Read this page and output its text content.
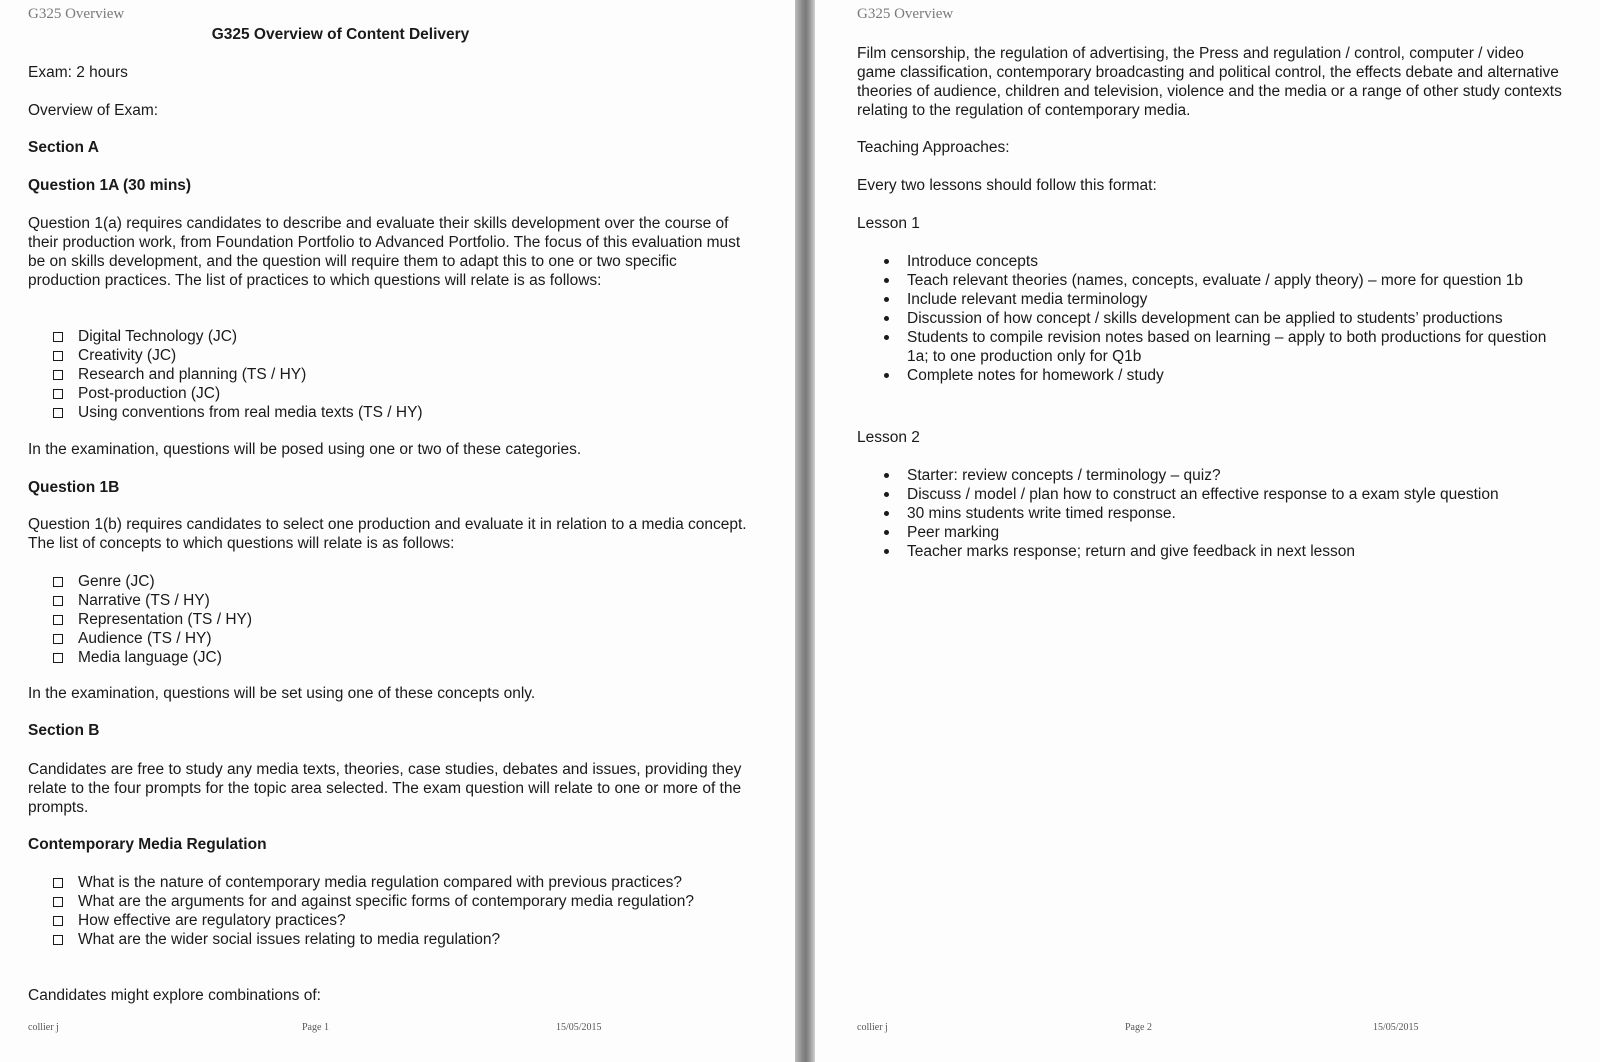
G325 Overview
G325 Overview of Content Delivery

Exam: 2 hours

Overview of Exam:

Section A

Question 1A (30 mins)

Question 1(a) requires candidates to describe and evaluate their skills development over the course of their production work, from Foundation Portfolio to Advanced Portfolio. The focus of this evaluation must be on skills development, and the question will require them to adapt this to one or two specific production practices. The list of practices to which questions will relate is as follows:

Digital Technology (JC)
Creativity (JC)
Research and planning (TS / HY)
Post-production (JC)
Using conventions from real media texts (TS / HY)

In the examination, questions will be posed using one or two of these categories.

Question 1B

Question 1(b) requires candidates to select one production and evaluate it in relation to a media concept. The list of concepts to which questions will relate is as follows:

Genre (JC)
Narrative (TS / HY)
Representation (TS / HY)
Audience (TS / HY)
Media language (JC)

In the examination, questions will be set using one of these concepts only.

Section B

Candidates are free to study any media texts, theories, case studies, debates and issues, providing they relate to the four prompts for the topic area selected. The exam question will relate to one or more of the prompts.

Contemporary Media Regulation

What is the nature of contemporary media regulation compared with previous practices?
What are the arguments for and against specific forms of contemporary media regulation?
How effective are regulatory practices?
What are the wider social issues relating to media regulation?

Candidates might explore combinations of:

collier j	Page 1	15/05/2015
G325 Overview

Film censorship, the regulation of advertising, the Press and regulation / control, computer / video game classification, contemporary broadcasting and political control, the effects debate and alternative theories of audience, children and television, violence and the media or a range of other study contexts relating to the regulation of contemporary media.

Teaching Approaches:

Every two lessons should follow this format:

Lesson 1

Introduce concepts
Teach relevant theories (names, concepts, evaluate / apply theory) – more for question 1b
Include relevant media terminology
Discussion of how concept / skills development can be applied to students’ productions
Students to compile revision notes based on learning – apply to both productions for question 1a; to one production only for Q1b
Complete notes for homework / study

Lesson 2

Starter: review concepts / terminology – quiz?
Discuss / model / plan how to construct an effective response to a exam style question
30 mins students write timed response.
Peer marking
Teacher marks response; return and give feedback in next lesson
collier j	Page 2	15/05/2015
